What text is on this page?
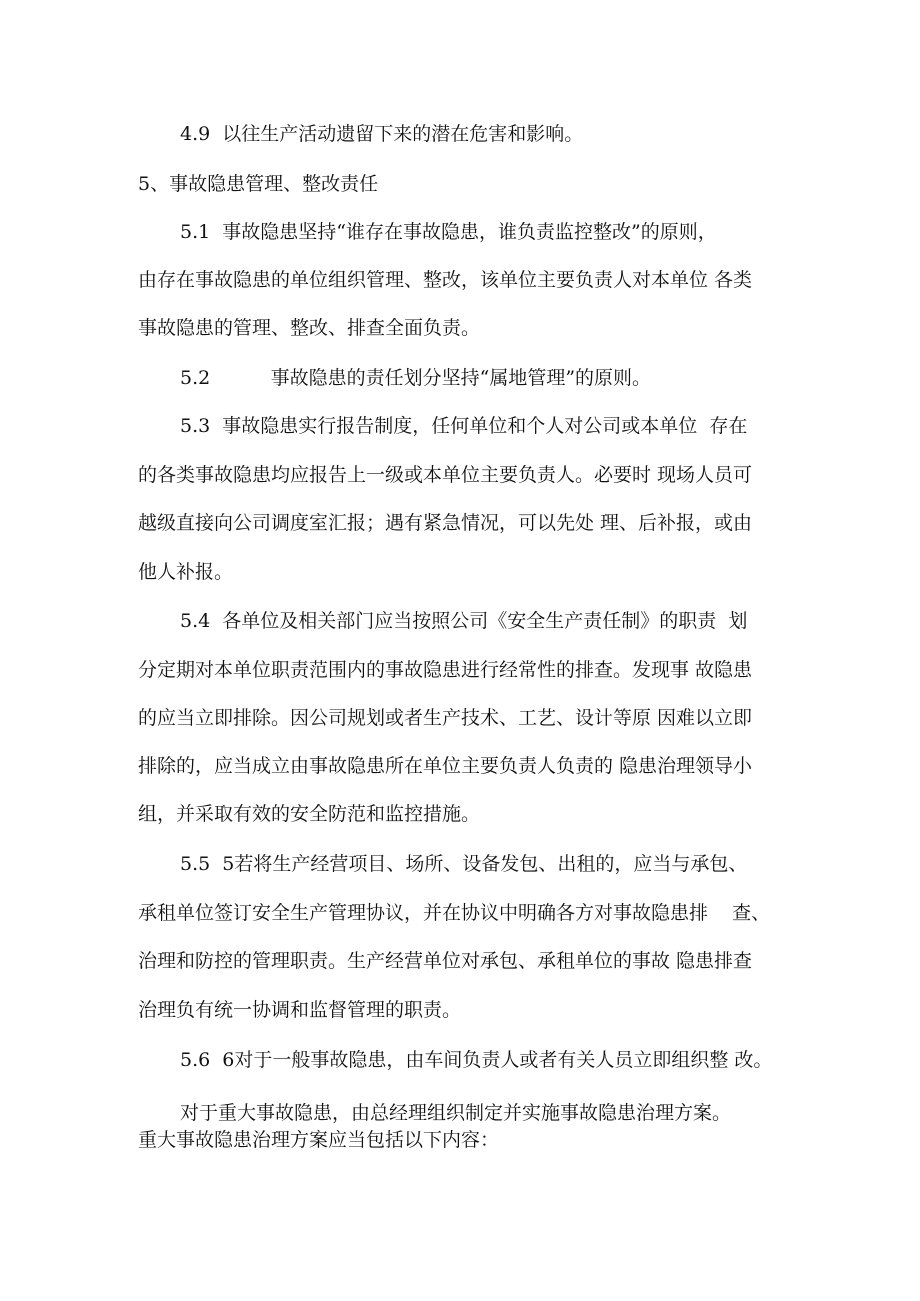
4.9  以往生产活动遗留下来的潜在危害和影响。
5、事故隐患管理、整改责任
5.1  事故隐患坚持“谁存在事故隐患，谁负责监控整改”的原则，
由存在事故隐患的单位组织管理、整改，该单位主要负责人对本单位 各类
事故隐患的管理、整改、排查全面负责。
5.2          事故隐患的责任划分坚持“属地管理”的原则。
5.3  事故隐患实行报告制度，任何单位和个人对公司或本单位  存在
的各类事故隐患均应报告上一级或本单位主要负责人。必要时 现场人员可
越级直接向公司调度室汇报；遇有紧急情况，可以先处 理、后补报，或由
他人补报。
5.4  各单位及相关部门应当按照公司《安全生产责任制》的职责  划
分定期对本单位职责范围内的事故隐患进行经常性的排查。发现事 故隐患
的应当立即排除。因公司规划或者生产技术、工艺、设计等原 因难以立即
排除的，应当成立由事故隐患所在单位主要负责人负责的 隐患治理领导小
组，并采取有效的安全防范和监控措施。
5.5  5若将生产经营项目、场所、设备发包、出租的，应当与承包、
承租单位签订安全生产管理协议，并在协议中明确各方对事故隐患排    查、
治理和防控的管理职责。生产经营单位对承包、承租单位的事故 隐患排查
治理负有统一协调和监督管理的职责。
5.6  6对于一般事故隐患，由车间负责人或者有关人员立即组织整 改。
对于重大事故隐患，由总经理组织制定并实施事故隐患治理方案。
重大事故隐患治理方案应当包括以下内容：
